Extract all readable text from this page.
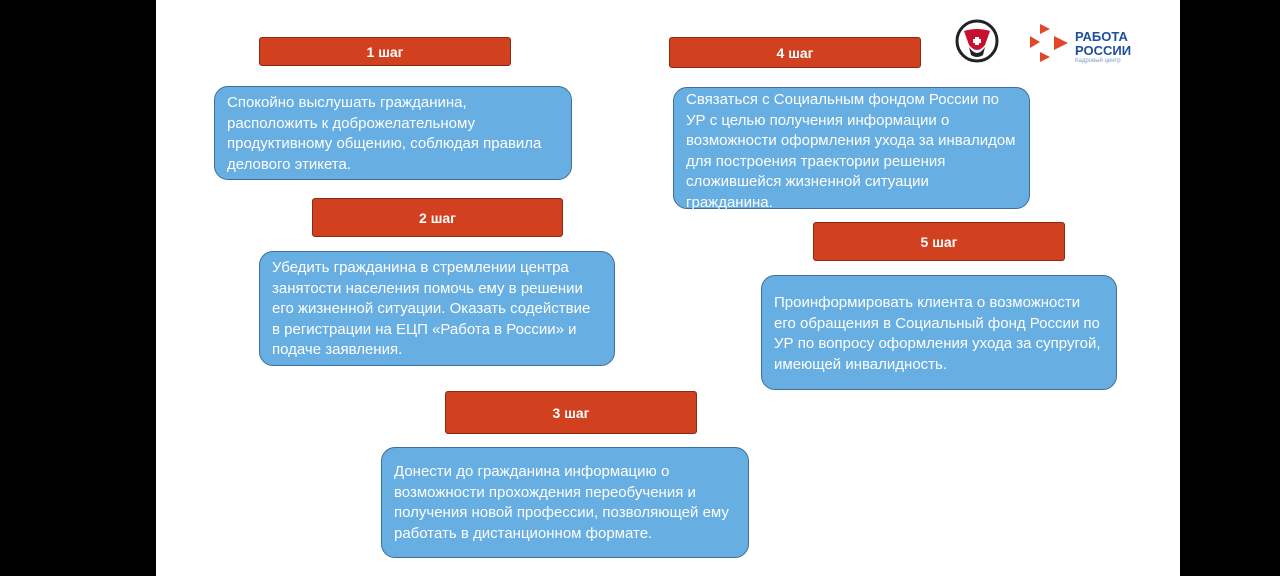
1 шаг
Спокойно выслушать гражданина, расположить к доброжелательному продуктивному общению, соблюдая правила делового этикета.
2 шаг
Убедить гражданина в стремлении центра занятости населения помочь ему в решении его жизненной ситуации. Оказать содействие в регистрации на ЕЦП «Работа в России» и подаче заявления.
3 шаг
Донести до гражданина информацию о возможности прохождения переобучения и получения новой профессии, позволяющей ему работать в дистанционном формате.
4 шаг
Связаться с Социальным фондом России по УР с целью получения информации о возможности оформления ухода за инвалидом для построения траектории решения сложившейся жизненной ситуации гражданина.
5 шаг
Проинформировать клиента о возможности его обращения в Социальный фонд России по УР по вопросу оформления ухода за супругой, имеющей инвалидность.
РАБОТА
РОССИИ
Кадровый центр
